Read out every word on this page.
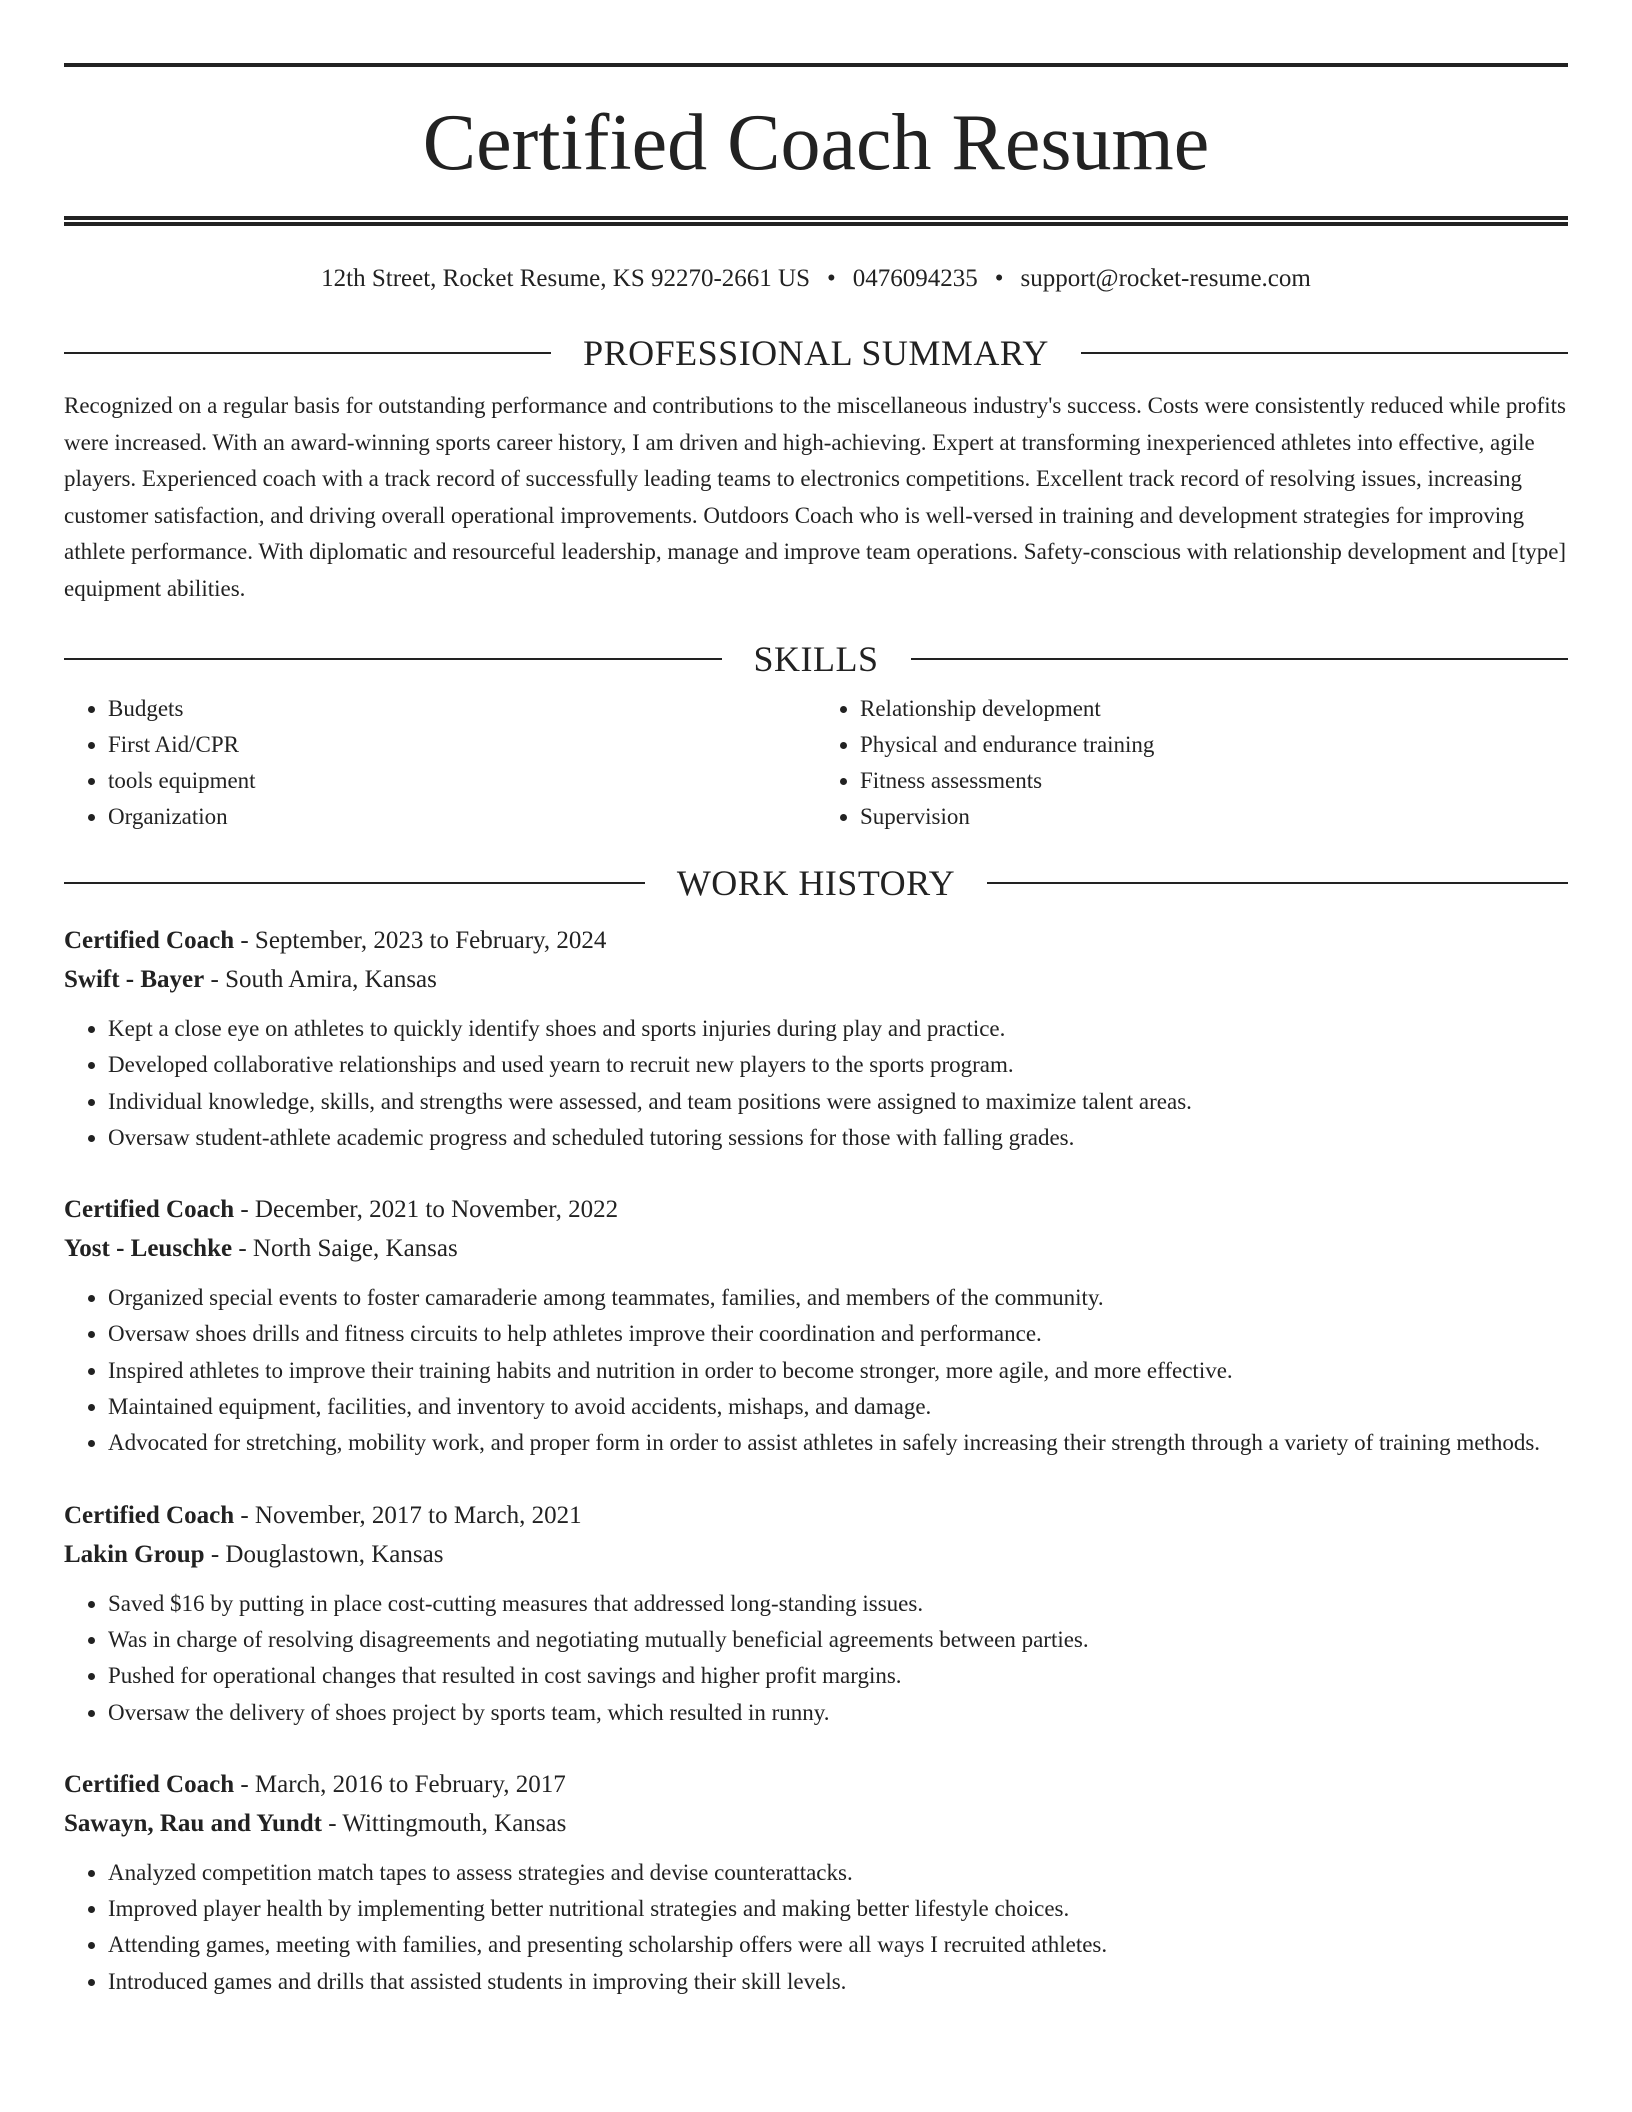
Certified Coach Resume
12th Street, Rocket Resume, KS 92270-2661 US • 0476094235 • support@rocket-resume.com
PROFESSIONAL SUMMARY

Recognized on a regular basis for outstanding performance and contributions to the miscellaneous industry's success. Costs were consistently reduced while profits were increased. With an award-winning sports career history, I am driven and high-achieving. Expert at transforming inexperienced athletes into effective, agile players. Experienced coach with a track record of successfully leading teams to electronics competitions. Excellent track record of resolving issues, increasing customer satisfaction, and driving overall operational improvements. Outdoors Coach who is well-versed in training and development strategies for improving athlete performance. With diplomatic and resourceful leadership, manage and improve team operations. Safety-conscious with relationship development and [type] equipment abilities.

SKILLS
• Budgets
• First Aid/CPR
• tools equipment
• Organization
• Relationship development
• Physical and endurance training
• Fitness assessments
• Supervision
WORK HISTORY
Certified Coach - September, 2023 to February, 2024
Swift - Bayer - South Amira, Kansas
• Kept a close eye on athletes to quickly identify shoes and sports injuries during play and practice.
• Developed collaborative relationships and used yearn to recruit new players to the sports program.
• Individual knowledge, skills, and strengths were assessed, and team positions were assigned to maximize talent areas.
• Oversaw student-athlete academic progress and scheduled tutoring sessions for those with falling grades.
Certified Coach - December, 2021 to November, 2022
Yost - Leuschke - North Saige, Kansas
• Organized special events to foster camaraderie among teammates, families, and members of the community.
• Oversaw shoes drills and fitness circuits to help athletes improve their coordination and performance.
• Inspired athletes to improve their training habits and nutrition in order to become stronger, more agile, and more effective.
• Maintained equipment, facilities, and inventory to avoid accidents, mishaps, and damage.
• Advocated for stretching, mobility work, and proper form in order to assist athletes in safely increasing their strength through a variety of training methods.
Certified Coach - November, 2017 to March, 2021
Lakin Group - Douglastown, Kansas
• Saved $16 by putting in place cost-cutting measures that addressed long-standing issues.
• Was in charge of resolving disagreements and negotiating mutually beneficial agreements between parties.
• Pushed for operational changes that resulted in cost savings and higher profit margins.
• Oversaw the delivery of shoes project by sports team, which resulted in runny.
Certified Coach - March, 2016 to February, 2017
Sawayn, Rau and Yundt - Wittingmouth, Kansas
• Analyzed competition match tapes to assess strategies and devise counterattacks.
• Improved player health by implementing better nutritional strategies and making better lifestyle choices.
• Attending games, meeting with families, and presenting scholarship offers were all ways I recruited athletes.
• Introduced games and drills that assisted students in improving their skill levels.
